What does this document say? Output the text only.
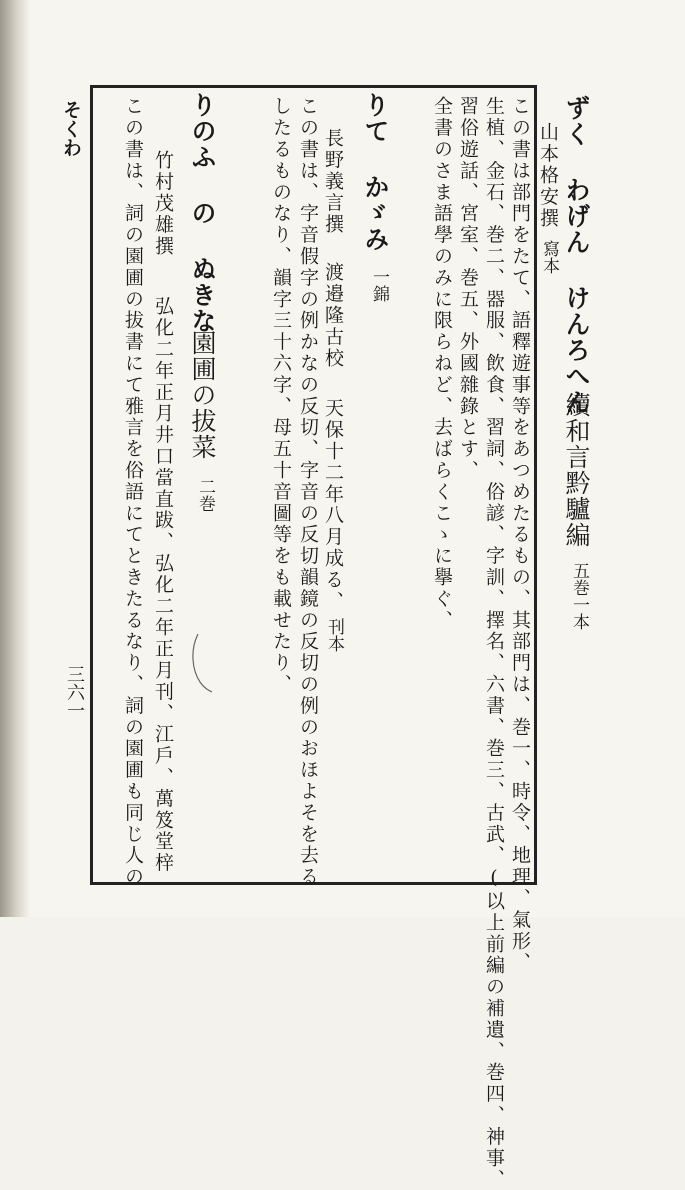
そくわ
三六一
ずく わげん けんろへん
續和言黔驢編
五巻一本
山本格安撰
寫本
この書は部門をたて、語釋遊事等をあつめたるもの、其部門は、巻一、時令、地理、氣形、
生植、金石、巻二、器服、飲食、習詞、俗諺、字訓、擇名、六書、巻三、古武、(以上前編の補遺、巻四、神事、
習俗遊話、宮室、巻五、外國雜錄とす、
全書のさま語學のみに限らねど、去ばらくこゝに擧ぐ、
りて かゞみ
一錦
長野義言撰
渡邉隆古校
天保十二年八月成る、
刊本
この書は、字音假字の例かなの反切、字音の反切韻鏡の反切の例のおほよそを去る
したるものなり、韻字三十六字、母五十音圖等をも載せたり、
りのふ の ぬきな
園圃の拔菜
二巻
竹村茂雄撰
弘化二年正月井口當直跋、弘化二年正月刊、江戶、萬笈堂梓
この書は、詞の園圃の拔書にて雅言を俗語にてときたるなり、詞の園圃も同じ人の
